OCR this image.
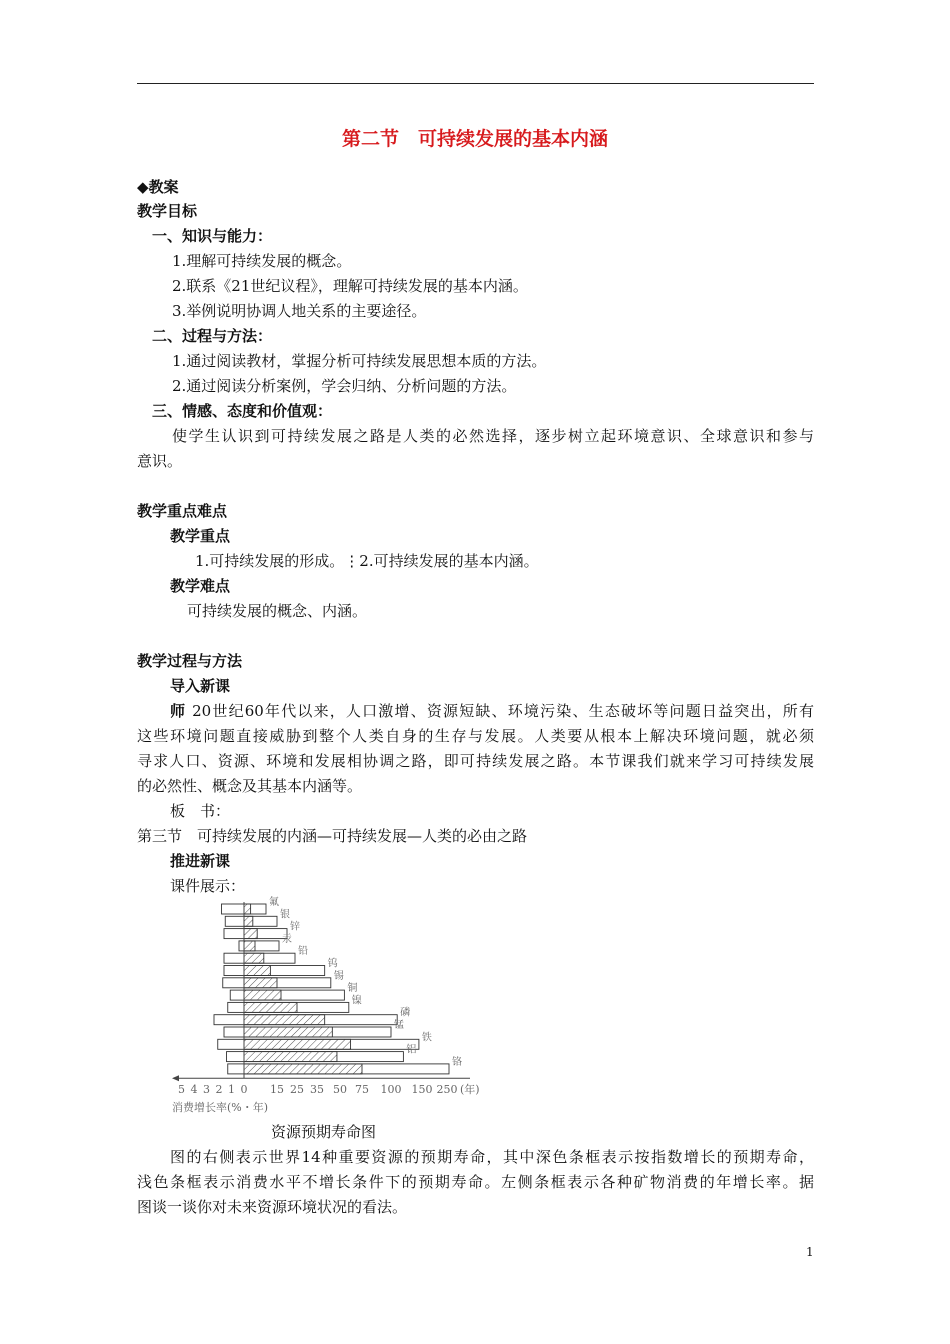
第二节　可持续发展的基本内涵
◆教案
教学目标
一、知识与能力：
1.理解可持续发展的概念。
2.联系《21世纪议程》，理解可持续发展的基本内涵。
3.举例说明协调人地关系的主要途径。
二、过程与方法：
1.通过阅读教材，掌握分析可持续发展思想本质的方法。
2.通过阅读分析案例，学会归纳、分析问题的方法。
三、情感、态度和价值观：
使学生认识到可持续发展之路是人类的必然选择，逐步树立起环境意识、全球意识和参与
意识。
教学重点难点
教学重点
1.可持续发展的形成。⋮2.可持续发展的基本内涵。
教学难点
可持续发展的概念、内涵。
教学过程与方法
导入新课
师 20世纪60年代以来，人口激增、资源短缺、环境污染、生态破坏等问题日益突出，所有
这些环境问题直接威胁到整个人类自身的生存与发展。人类要从根本上解决环境问题，就必须
寻求人口、资源、环境和发展相协调之路，即可持续发展之路。本节课我们就来学习可持续发展
的必然性、概念及其基本内涵等。
板　书：
第三节　可持续发展的内涵—可持续发展—人类的必由之路
推进新课
课件展示：
氟
银
锌
汞
铅
钨
锡
铜
镍
磷
锰
铁
铝
铬
5 4 3 2 1 0 15 25 35 50 75 100 150 250 (年)
消费增长率(%・年)
资源预期寿命图
图的右侧表示世界14种重要资源的预期寿命，其中深色条框表示按指数增长的预期寿命，
浅色条框表示消费水平不增长条件下的预期寿命。左侧条框表示各种矿物消费的年增长率。据
图谈一谈你对未来资源环境状况的看法。
1
